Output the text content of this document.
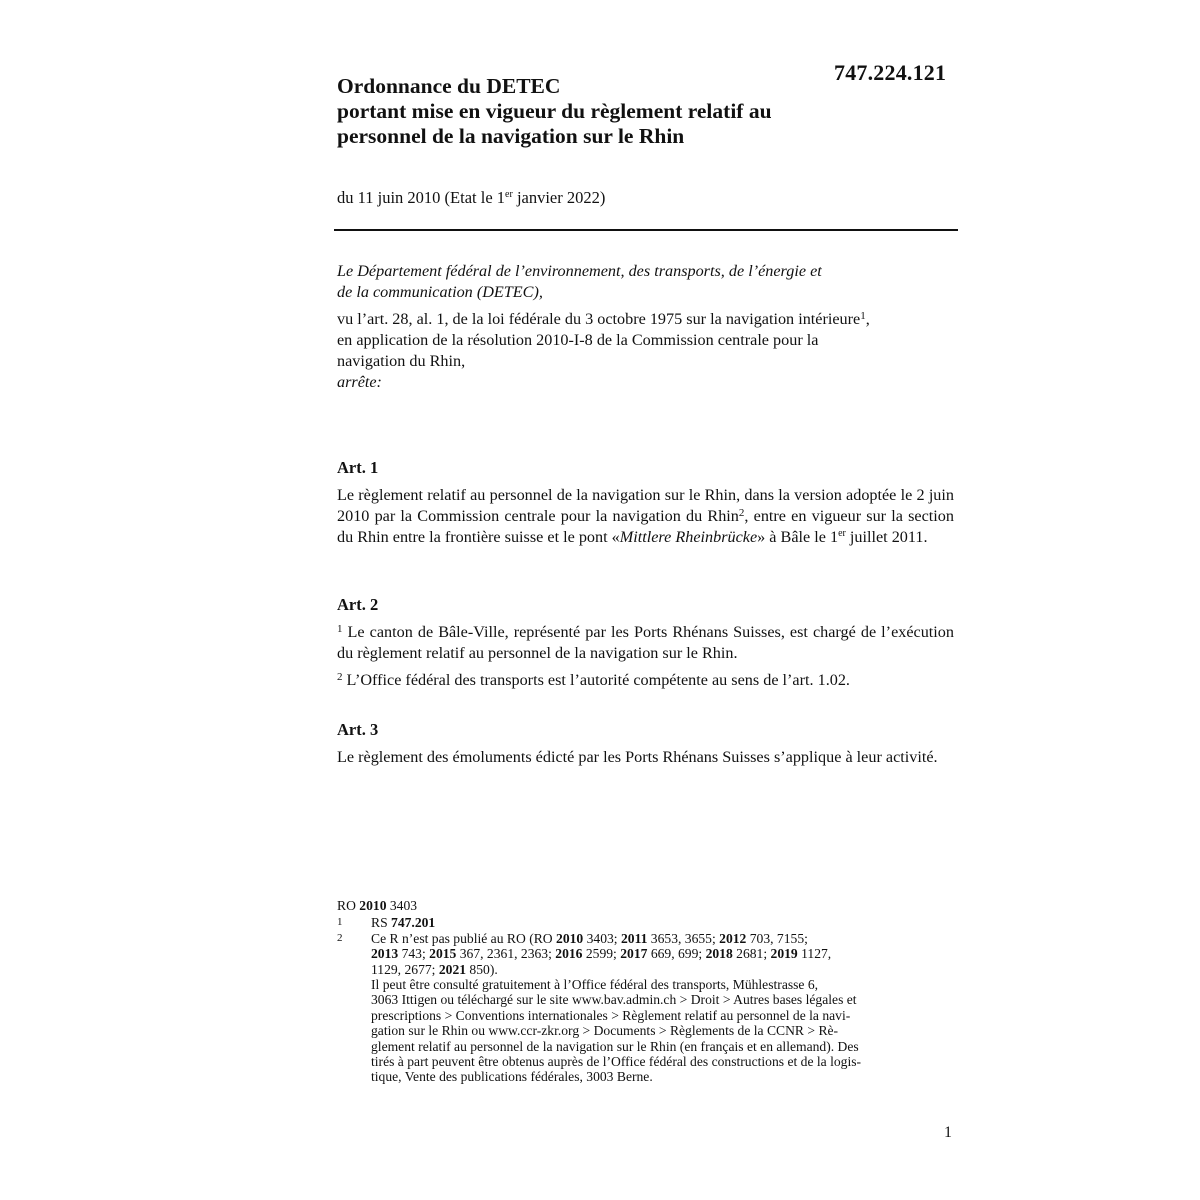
747.224.121
Ordonnance du DETEC
portant mise en vigueur du règlement relatif au
personnel de la navigation sur le Rhin
du 11 juin 2010 (Etat le 1er janvier 2022)
Le Département fédéral de l’environnement, des transports, de l’énergie et
de la communication (DETEC),
vu l’art. 28, al. 1, de la loi fédérale du 3 octobre 1975 sur la navigation intérieure$^1$,
en application de la résolution 2010-I-8 de la Commission centrale pour la
navigation du Rhin,
arrête:
Art. 1
Le règlement relatif au personnel de la navigation sur le Rhin, dans la version adoptée le 2 juin 2010 par la Commission centrale pour la navigation du Rhin$^2$, entre en vigueur sur la section du Rhin entre la frontière suisse et le pont «Mittlere Rheinbrücke» à Bâle le 1er juillet 2011.
Art. 2
$^1$ Le canton de Bâle-Ville, représenté par les Ports Rhénans Suisses, est chargé de l’exécution du règlement relatif au personnel de la navigation sur le Rhin.
$^2$ L’Office fédéral des transports est l’autorité compétente au sens de l’art. 1.02.
Art. 3
Le règlement des émoluments édicté par les Ports Rhénans Suisses s’applique à leur activité.
RO 2010 3403
1 RS 747.201
2 Ce R n’est pas publié au RO (RO 2010 3403; 2011 3653, 3655; 2012 703, 7155;
2013 743; 2015 367, 2361, 2363; 2016 2599; 2017 669, 699; 2018 2681; 2019 1127,
1129, 2677; 2021 850).
Il peut être consulté gratuitement à l’Office fédéral des transports, Mühlestrasse 6,
3063 Ittigen ou téléchargé sur le site www.bav.admin.ch > Droit > Autres bases légales et
prescriptions > Conventions internationales > Règlement relatif au personnel de la navi-
gation sur le Rhin ou www.ccr-zkr.org > Documents > Règlements de la CCNR > Rè-
glement relatif au personnel de la navigation sur le Rhin (en français et en allemand). Des
tirés à part peuvent être obtenus auprès de l’Office fédéral des constructions et de la logis-
tique, Vente des publications fédérales, 3003 Berne.
1
